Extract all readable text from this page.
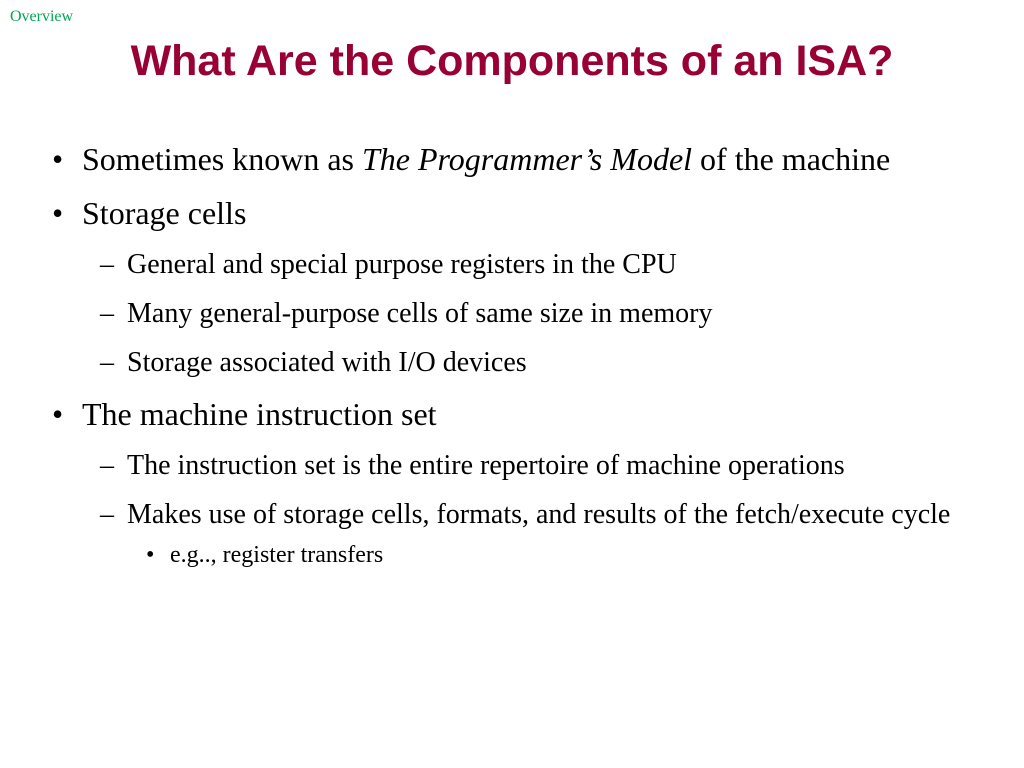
Overview
What Are the Components of an ISA?
• Sometimes known as The Programmer’s Model of the machine
• Storage cells
– General and special purpose registers in the CPU
– Many general-purpose cells of same size in memory
– Storage associated with I/O devices
• The machine instruction set
– The instruction set is the entire repertoire of machine operations
– Makes use of storage cells, formats, and results of the fetch/execute cycle
• e.g.., register transfers
